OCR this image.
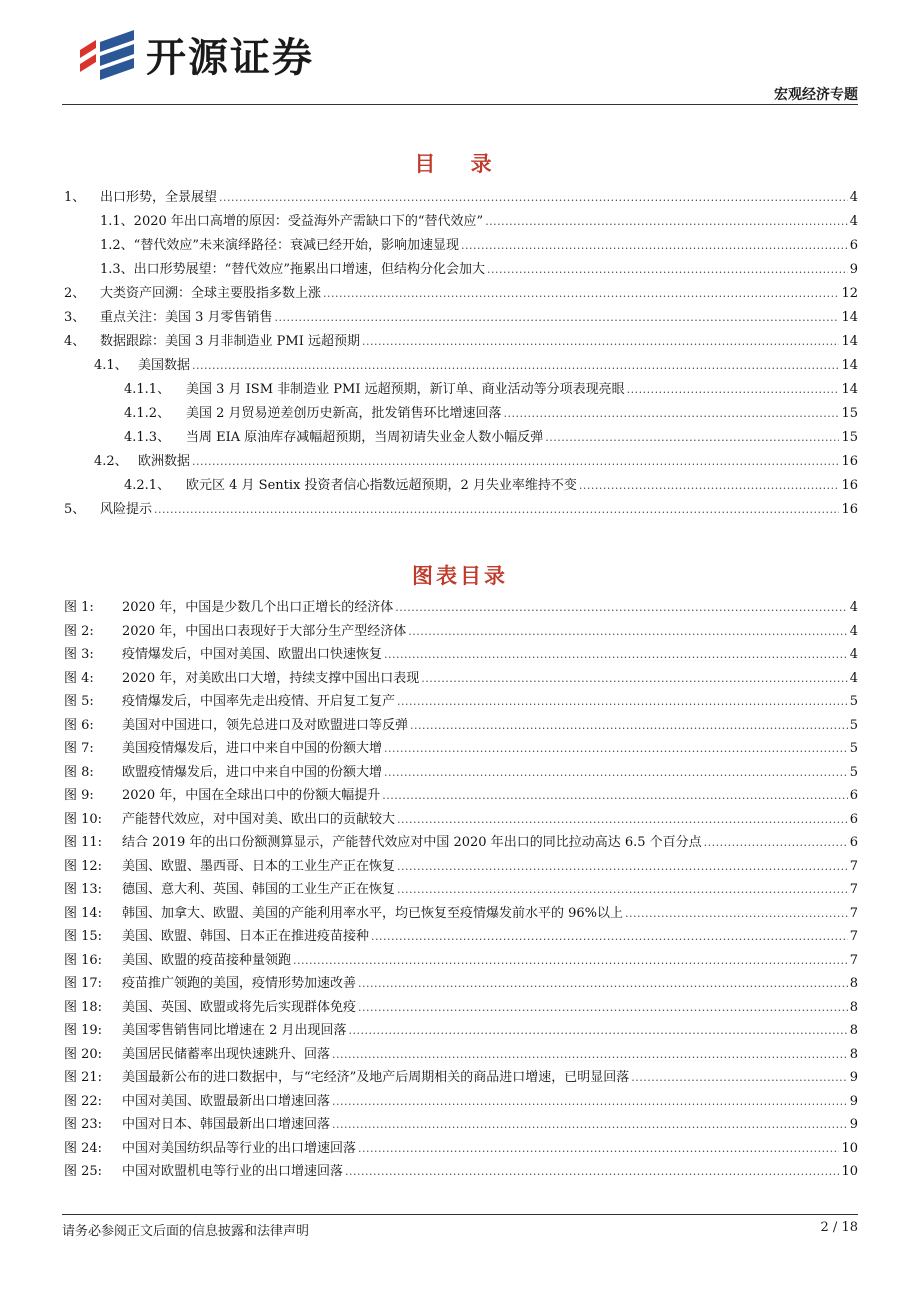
开源证券
宏观经济专题
目 录
1、	出口形势，全景展望 .....	4
1.1、2020 年出口高增的原因：受益海外产需缺口下的“替代效应” .....	4
1.2、“替代效应”未来演绎路径：衰减已经开始，影响加速显现 .....	6
1.3、出口形势展望：“替代效应”拖累出口增速，但结构分化会加大 .....	9
2、	大类资产回溯：全球主要股指多数上涨 .....	12
3、	重点关注：美国 3 月零售销售 .....	14
4、	数据跟踪：美国 3 月非制造业 PMI 远超预期 .....	14
4.1、 美国数据 .....	14
4.1.1、	美国 3 月 ISM 非制造业 PMI 远超预期，新订单、商业活动等分项表现亮眼 .....	14
4.1.2、	美国 2 月贸易逆差创历史新高，批发销售环比增速回落 .....	15
4.1.3、	当周 EIA 原油库存减幅超预期，当周初请失业金人数小幅反弹 .....	15
4.2、 欧洲数据 .....	16
4.2.1、	欧元区 4 月 Sentix 投资者信心指数远超预期，2 月失业率维持不变 .....	16
5、	风险提示 .....	16
图表目录
图 1:	2020 年，中国是少数几个出口正增长的经济体 .....	4
图 2:	2020 年，中国出口表现好于大部分生产型经济体 .....	4
图 3:	疫情爆发后，中国对美国、欧盟出口快速恢复 .....	4
图 4:	2020 年，对美欧出口大增，持续支撑中国出口表现 .....	4
图 5:	疫情爆发后，中国率先走出疫情、开启复工复产 .....	5
图 6:	美国对中国进口，领先总进口及对欧盟进口等反弹 .....	5
图 7:	美国疫情爆发后，进口中来自中国的份额大增 .....	5
图 8:	欧盟疫情爆发后，进口中来自中国的份额大增 .....	5
图 9:	2020 年，中国在全球出口中的份额大幅提升 .....	6
图 10:	产能替代效应，对中国对美、欧出口的贡献较大 .....	6
图 11:	结合 2019 年的出口份额测算显示，产能替代效应对中国 2020 年出口的同比拉动高达 6.5 个百分点 .....	6
图 12:	美国、欧盟、墨西哥、日本的工业生产正在恢复 .....	7
图 13:	德国、意大利、英国、韩国的工业生产正在恢复 .....	7
图 14:	韩国、加拿大、欧盟、美国的产能利用率水平，均已恢复至疫情爆发前水平的 96%以上 .....	7
图 15:	美国、欧盟、韩国、日本正在推进疫苗接种 .....	7
图 16:	美国、欧盟的疫苗接种量领跑 .....	7
图 17:	疫苗推广领跑的美国，疫情形势加速改善 .....	8
图 18:	美国、英国、欧盟或将先后实现群体免疫 .....	8
图 19:	美国零售销售同比增速在 2 月出现回落 .....	8
图 20:	美国居民储蓄率出现快速跳升、回落 .....	8
图 21:	美国最新公布的进口数据中，与“宅经济”及地产后周期相关的商品进口增速，已明显回落 .....	9
图 22:	中国对美国、欧盟最新出口增速回落 .....	9
图 23:	中国对日本、韩国最新出口增速回落 .....	9
图 24:	中国对美国纺织品等行业的出口增速回落 .....	10
图 25:	中国对欧盟机电等行业的出口增速回落 .....	10
请务必参阅正文后面的信息披露和法律声明	2 / 18
